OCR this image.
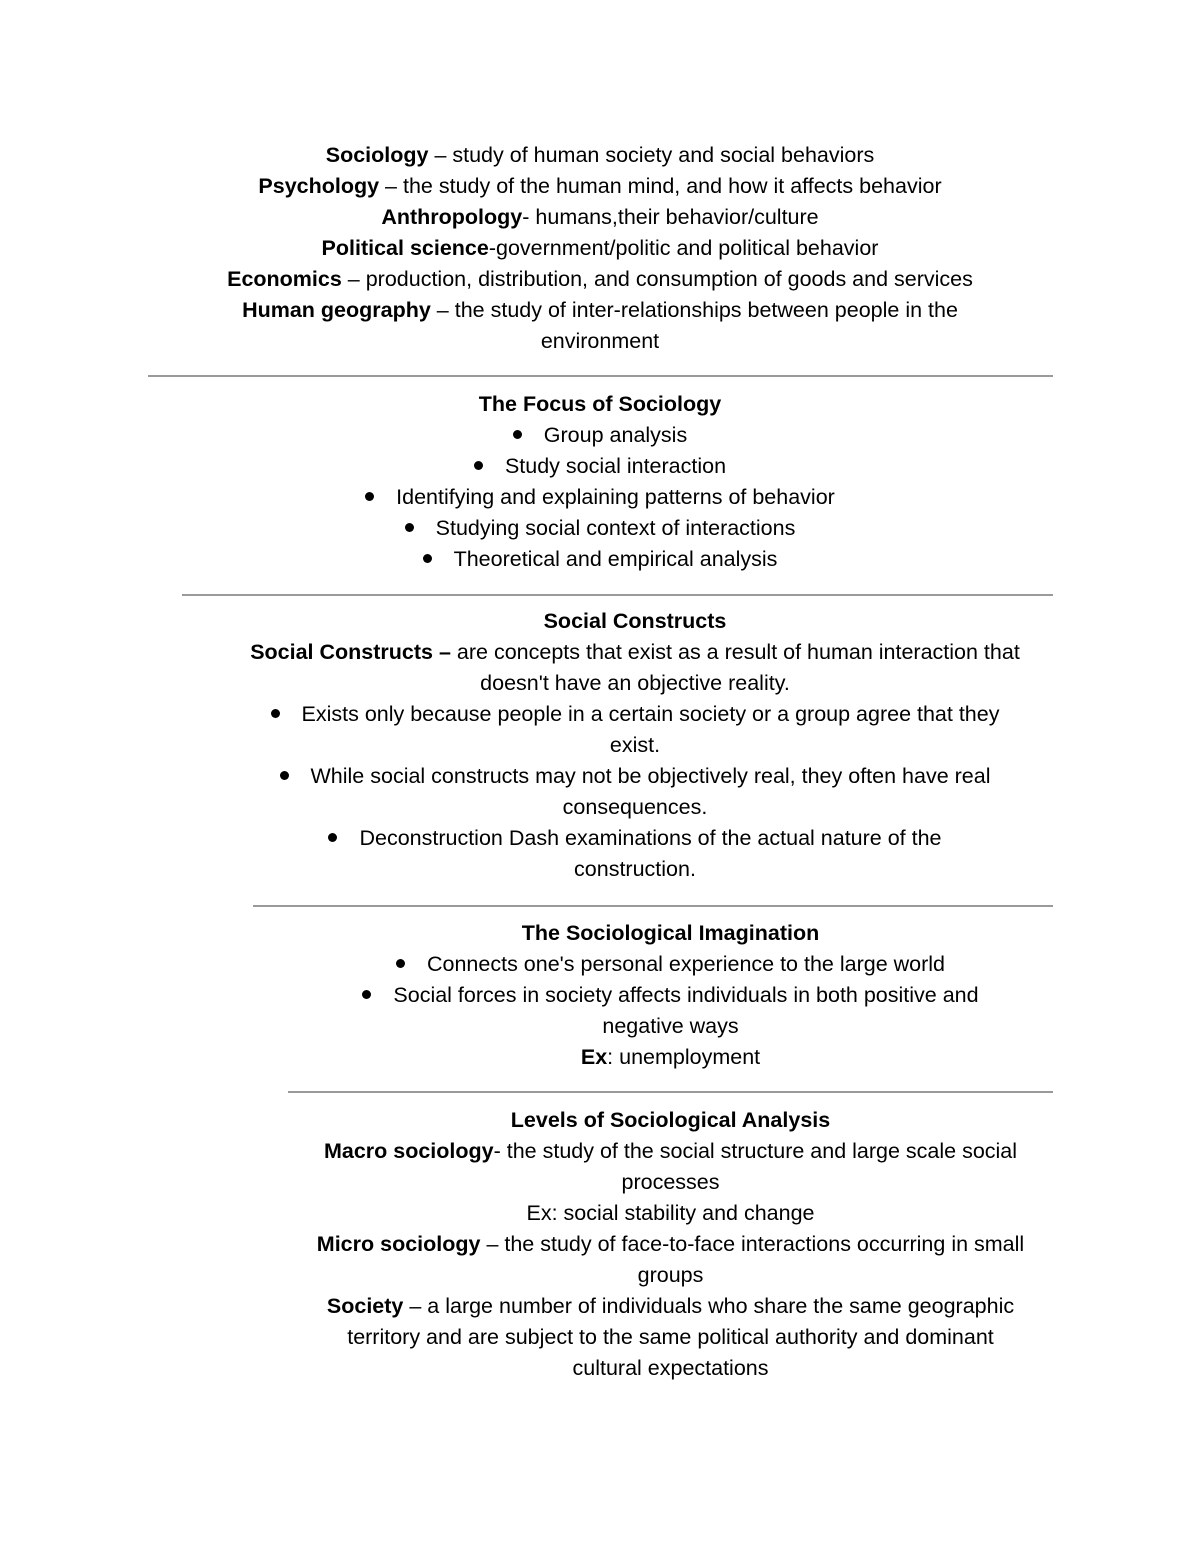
Sociology – study of human society and social behaviors
Psychology – the study of the human mind, and how it affects behavior
Anthropology- humans,their behavior/culture
Political science-government/politic and political behavior
Economics – production, distribution, and consumption of goods and services
Human geography – the study of inter-relationships between people in the
environment
The Focus of Sociology
Group analysis
Study social interaction
Identifying and explaining patterns of behavior
Studying social context of interactions
Theoretical and empirical analysis
Social Constructs
Social Constructs – are concepts that exist as a result of human interaction that
doesn't have an objective reality.
Exists only because people in a certain society or a group agree that they
exist.
While social constructs may not be objectively real, they often have real
consequences.
Deconstruction Dash examinations of the actual nature of the
construction.
The Sociological Imagination
Connects one's personal experience to the large world
Social forces in society affects individuals in both positive and
negative ways
Ex: unemployment
Levels of Sociological Analysis
Macro sociology- the study of the social structure and large scale social
processes
Ex: social stability and change
Micro sociology – the study of face-to-face interactions occurring in small
groups
Society – a large number of individuals who share the same geographic
territory and are subject to the same political authority and dominant
cultural expectations
